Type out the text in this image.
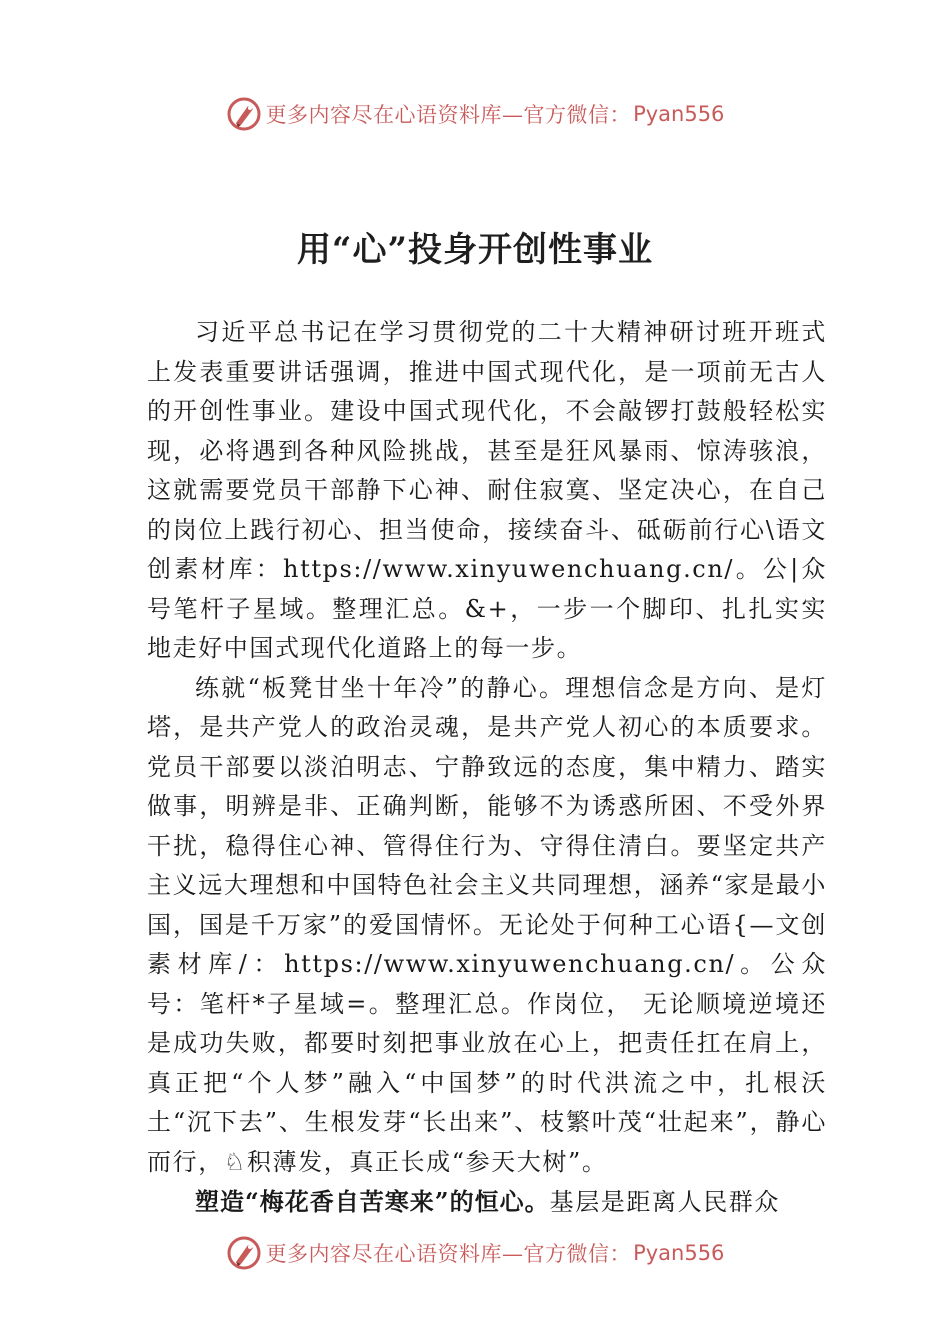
更多内容尽在心语资料库—官方微信： Pyan556
用“心”投身开创性事业

习近平总书记在学习贯彻党的二十大精神研讨班开班式上发表重要讲话强调，推进中国式现代化，是一项前无古人的开创性事业。建设中国式现代化，不会敲锣打鼓般轻松实现，必将遇到各种风险挑战，甚至是狂风暴雨、惊涛骇浪，这就需要党员干部静下心神、耐住寂寞、坚定决心，在自己的岗位上践行初心、担当使命，接续奋斗、砥砺前行心\语文创素材库：https://www.xinyuwenchuang.cn/。公|众号笔杆子星域。整理汇总。&+，一步一个脚印、扎扎实实地走好中国式现代化道路上的每一步。

练就“板凳甘坐十年冷”的静心。理想信念是方向、是灯塔，是共产党人的政治灵魂，是共产党人初心的本质要求。党员干部要以淡泊明志、宁静致远的态度，集中精力、踏实做事，明辨是非、正确判断，能够不为诱惑所困、不受外界干扰，稳得住心神、管得住行为、守得住清白。要坚定共产主义远大理想和中国特色社会主义共同理想，涵养“家是最小国，国是千万家”的爱国情怀。无论处于何种工心语{—文创素材库/：https://www.xinyuwenchuang.cn/。公众号：笔杆*子星域=。整理汇总。作岗位， 无论顺境逆境还是成功失败，都要时刻把事业放在心上，把责任扛在肩上，真正把“个人梦”融入“中国梦”的时代洪流之中，扎根沃土“沉下去”、生根发芽“长出来”、枝繁叶茂“壮起来”，静心而行，♘积薄发，真正长成“参天大树”。

塑造“梅花香自苦寒来”的恒心。基层是距离人民群众

更多内容尽在心语资料库—官方微信： Pyan556
